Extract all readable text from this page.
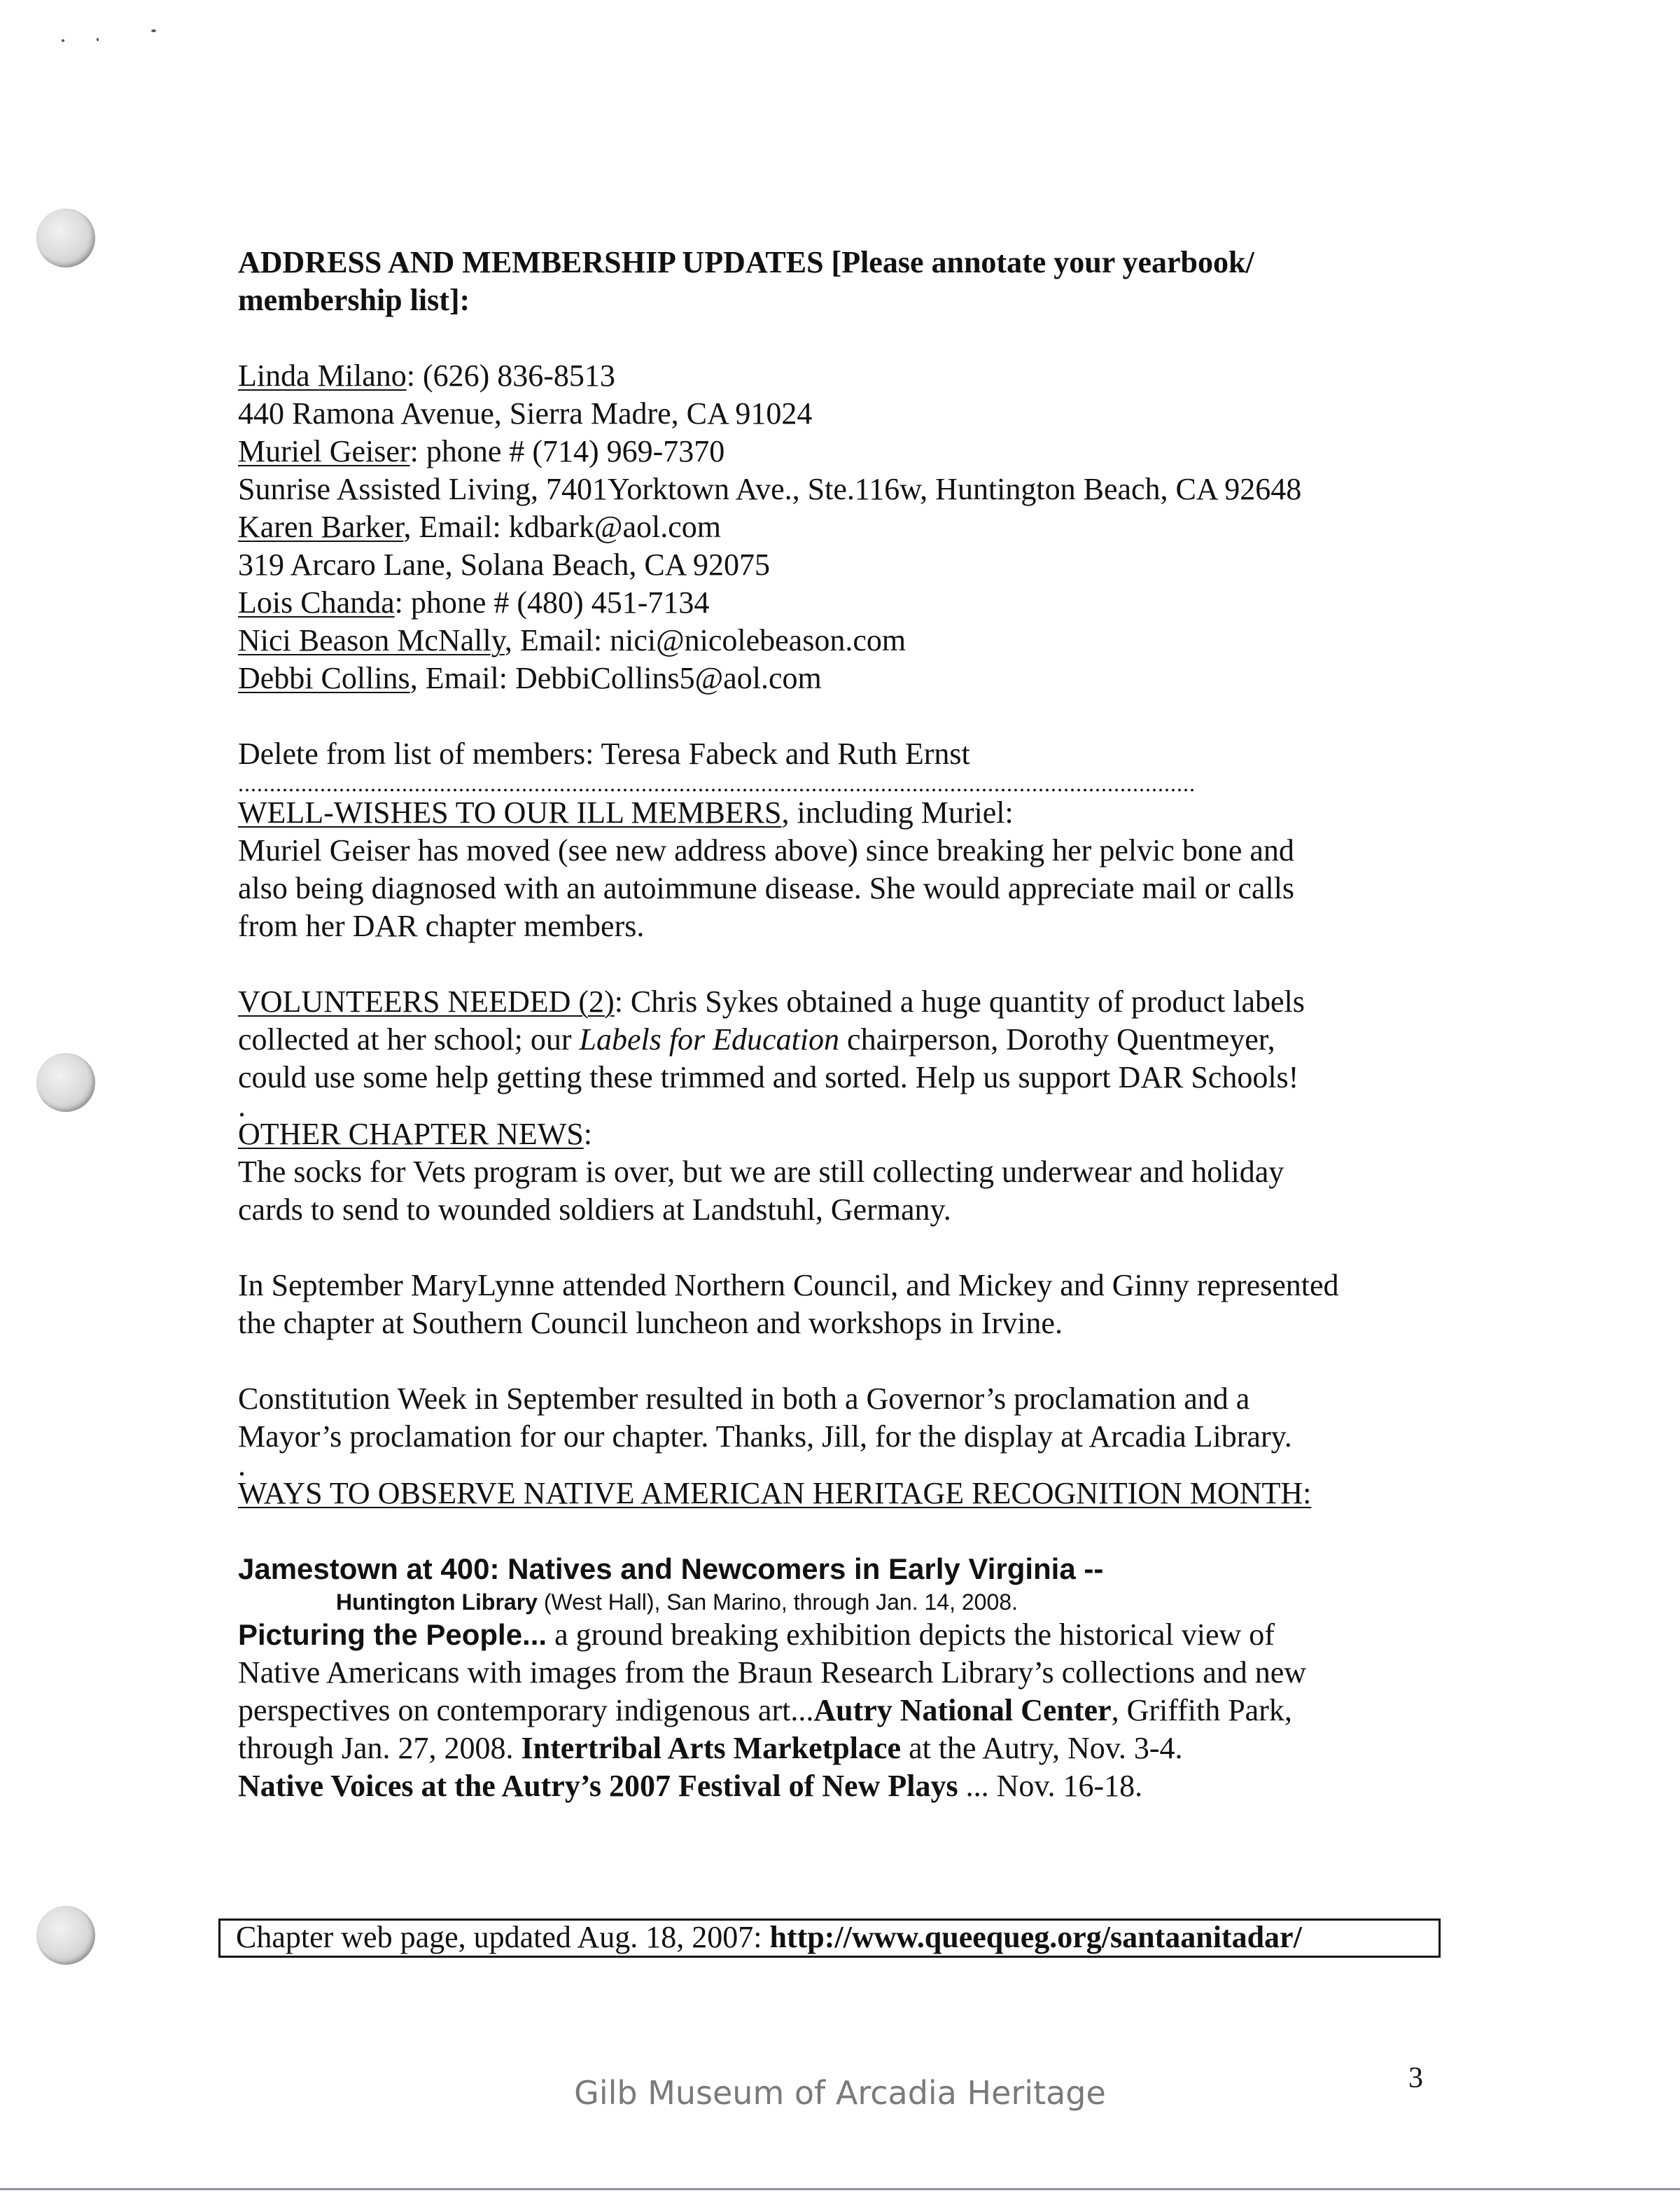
ADDRESS AND MEMBERSHIP UPDATES [Please annotate your yearbook/

membership list]:

Linda Milano: (626) 836-8513

440 Ramona Avenue, Sierra Madre, CA 91024

Muriel Geiser: phone # (714) 969-7370

Sunrise Assisted Living, 7401Yorktown Ave., Ste.116w, Huntington Beach, CA 92648

Karen Barker, Email: kdbark@aol.com

319 Arcaro Lane, Solana Beach, CA 92075

Lois Chanda: phone # (480) 451-7134

Nici Beason McNally, Email: nici@nicolebeason.com

Debbi Collins, Email: DebbiCollins5@aol.com

Delete from list of members: Teresa Fabeck and Ruth Ernst

........................................................................................................................................................

WELL-WISHES TO OUR ILL MEMBERS, including Muriel:

Muriel Geiser has moved (see new address above) since breaking her pelvic bone and

also being diagnosed with an autoimmune disease. She would appreciate mail or calls

from her DAR chapter members.

VOLUNTEERS NEEDED (2): Chris Sykes obtained a huge quantity of product labels

collected at her school; our Labels for Education chairperson, Dorothy Quentmeyer,

could use some help getting these trimmed and sorted. Help us support DAR Schools!

.

OTHER CHAPTER NEWS:

The socks for Vets program is over, but we are still collecting underwear and holiday

cards to send to wounded soldiers at Landstuhl, Germany.

In September MaryLynne attended Northern Council, and Mickey and Ginny represented

the chapter at Southern Council luncheon and workshops in Irvine.

Constitution Week in September resulted in both a Governor’s proclamation and a

Mayor’s proclamation for our chapter. Thanks, Jill, for the display at Arcadia Library.

.

WAYS TO OBSERVE NATIVE AMERICAN HERITAGE RECOGNITION MONTH:

Jamestown at 400: Natives and Newcomers in Early Virginia --

Huntington Library (West Hall), San Marino, through Jan. 14, 2008.

Picturing the People... a ground breaking exhibition depicts the historical view of

Native Americans with images from the Braun Research Library’s collections and new

perspectives on contemporary indigenous art...Autry National Center, Griffith Park,

through Jan. 27, 2008. Intertribal Arts Marketplace at the Autry, Nov. 3-4.

Native Voices at the Autry’s 2007 Festival of New Plays ... Nov. 16-18.

Chapter web page, updated Aug. 18, 2007: http://www.queequeg.org/santaanitadar/
Gilb Museum of Arcadia Heritage	3
